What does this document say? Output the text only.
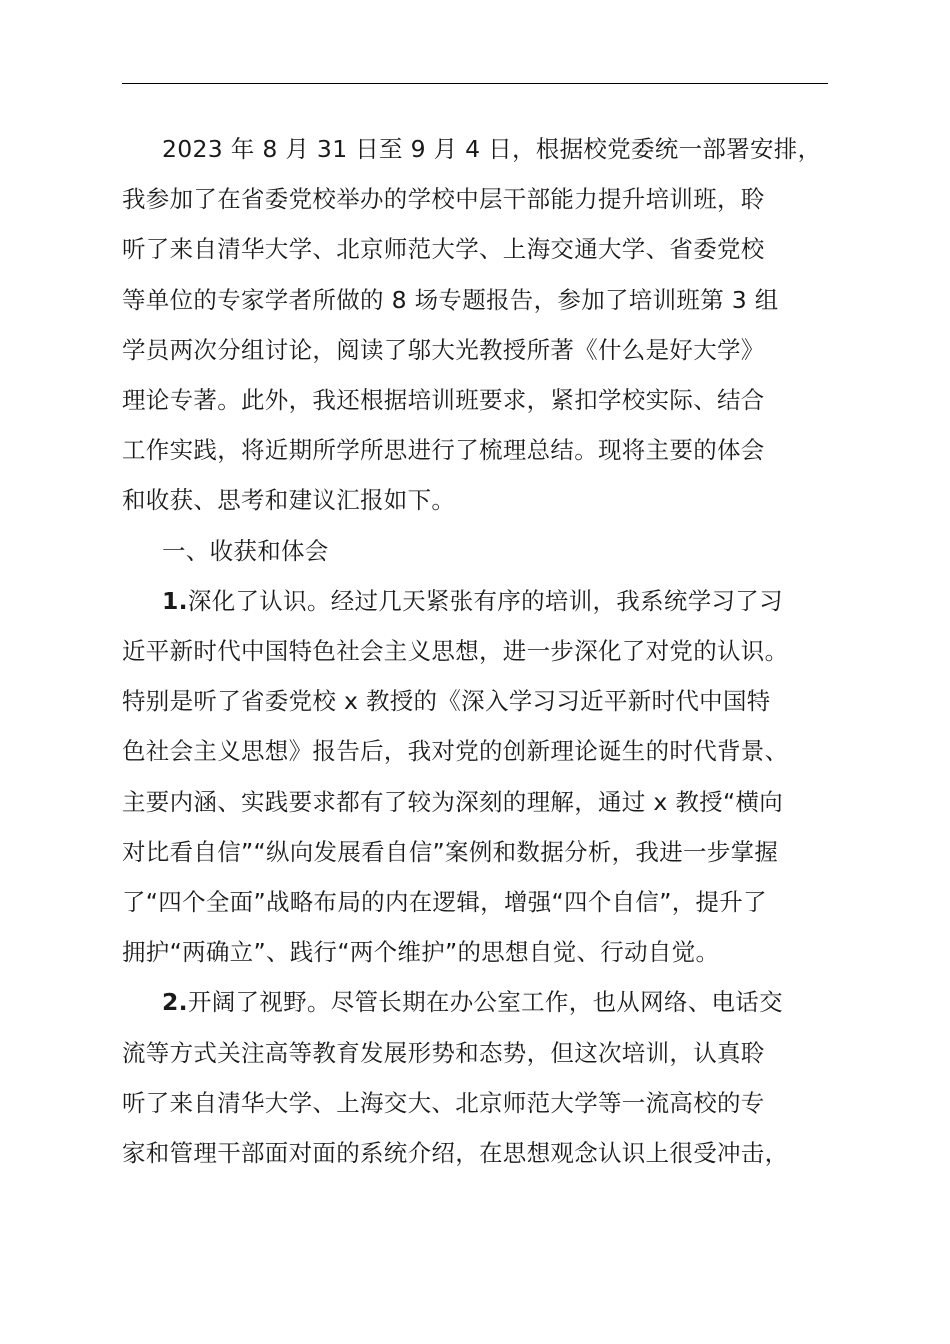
2023 年 8 月 31 日至 9 月 4 日，根据校党委统一部署安排，
我参加了在省委党校举办的学校中层干部能力提升培训班，聆
听了来自清华大学、北京师范大学、上海交通大学、省委党校
等单位的专家学者所做的 8 场专题报告，参加了培训班第 3 组
学员两次分组讨论，阅读了邬大光教授所著《什么是好大学》
理论专著。此外，我还根据培训班要求，紧扣学校实际、结合
工作实践，将近期所学所思进行了梳理总结。现将主要的体会
和收获、思考和建议汇报如下。

一、收获和体会

1.深化了认识。经过几天紧张有序的培训，我系统学习了习
近平新时代中国特色社会主义思想，进一步深化了对党的认识。
特别是听了省委党校 x 教授的《深入学习习近平新时代中国特
色社会主义思想》报告后，我对党的创新理论诞生的时代背景、
主要内涵、实践要求都有了较为深刻的理解，通过 x 教授“横向
对比看自信”“纵向发展看自信”案例和数据分析，我进一步掌握
了“四个全面”战略布局的内在逻辑，增强“四个自信”，提升了
拥护“两确立”、践行“两个维护”的思想自觉、行动自觉。

2.开阔了视野。尽管长期在办公室工作，也从网络、电话交
流等方式关注高等教育发展形势和态势，但这次培训，认真聆
听了来自清华大学、上海交大、北京师范大学等一流高校的专
家和管理干部面对面的系统介绍，在思想观念认识上很受冲击，
